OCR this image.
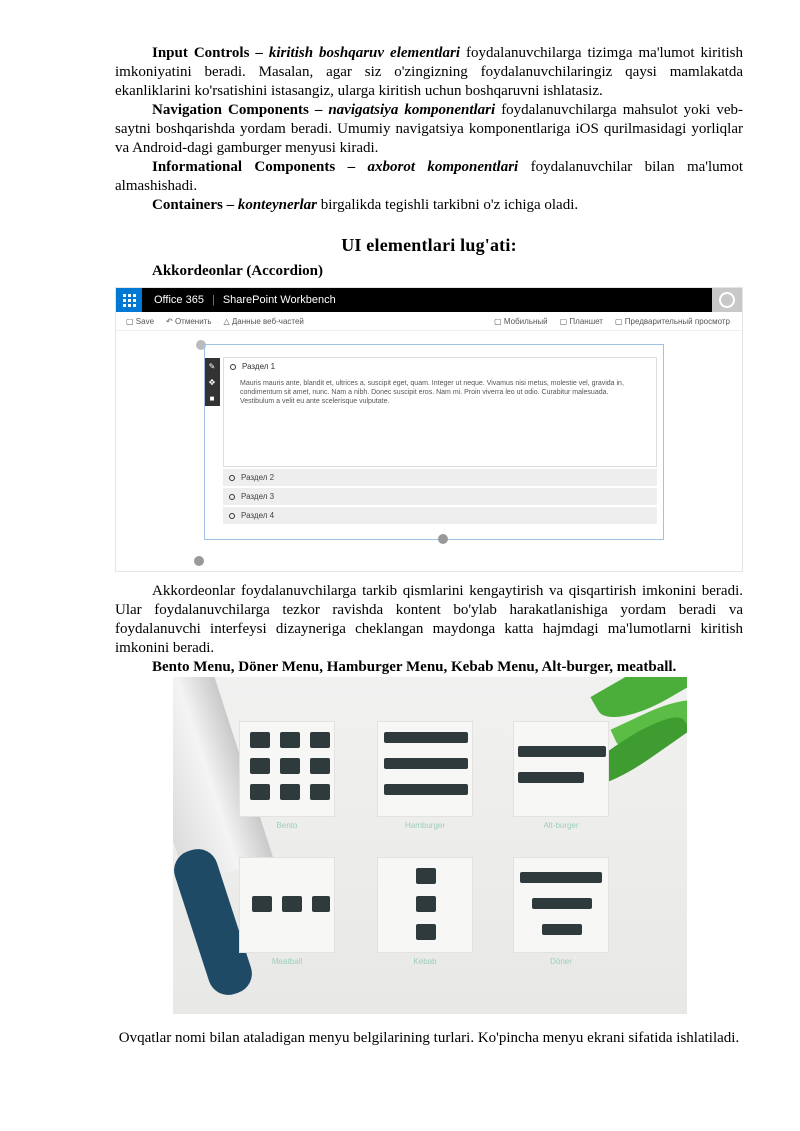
Input Controls – kiritish boshqaruv elementlari foydalanuvchilarga tizimga ma'lumot kiritish imkoniyatini beradi. Masalan, agar siz o'zingizning foydalanuvchilaringiz qaysi mamlakatda ekanliklarini ko'rsatishini istasangiz, ularga kiritish uchun boshqaruvni ishlatasiz.

Navigation Components – navigatsiya komponentlari foydalanuvchilarga mahsulot yoki veb-saytni boshqarishda yordam beradi. Umumiy navigatsiya komponentlariga iOS qurilmasidagi yorliqlar va Android-dagi gamburger menyusi kiradi.

Informational Components – axborot komponentlari foydalanuvchilar bilan ma'lumot almashishadi.

Containers – konteynerlar birgalikda tegishli tarkibni o'z ichiga oladi.

UI elementlari lug'ati:
Akkordeonlar (Accordion)
Office 365 | SharePoint Workbench
▢ Save ↶ Отменить △ Данные веб-частей	▢ Мобильный ▢ Планшет ▢ Предварительный просмотр
✎
✥
■
Раздел 1
Mauris mauris ante, blandit et, ultrices a, suscipit eget, quam. Integer ut neque. Vivamus nisi metus, molestie vel, gravida in, condimentum sit amet, nunc. Nam a nibh. Donec suscipit eros. Nam mi. Proin viverra leo ut odio. Curabitur malesuada. Vestibulum a velit eu ante scelerisque vulputate.
Раздел 2
Раздел 3
Раздел 4

Akkordeonlar foydalanuvchilarga tarkib qismlarini kengaytirish va qisqartirish imkonini beradi. Ular foydalanuvchilarga tezkor ravishda kontent bo'ylab harakatlanishiga yordam beradi va foydalanuvchi interfeysi dizayneriga cheklangan maydonga katta hajmdagi ma'lumotlarni kiritish imkonini beradi.

Bento Menu, Döner Menu, Hamburger Menu, Kebab Menu, Alt-burger, meatball.
Bento	Hamburger	Alt-burger
Meatball	Kebab	Döner
Ovqatlar nomi bilan ataladigan menyu belgilarining turlari. Ko'pincha menyu ekrani sifatida ishlatiladi.
